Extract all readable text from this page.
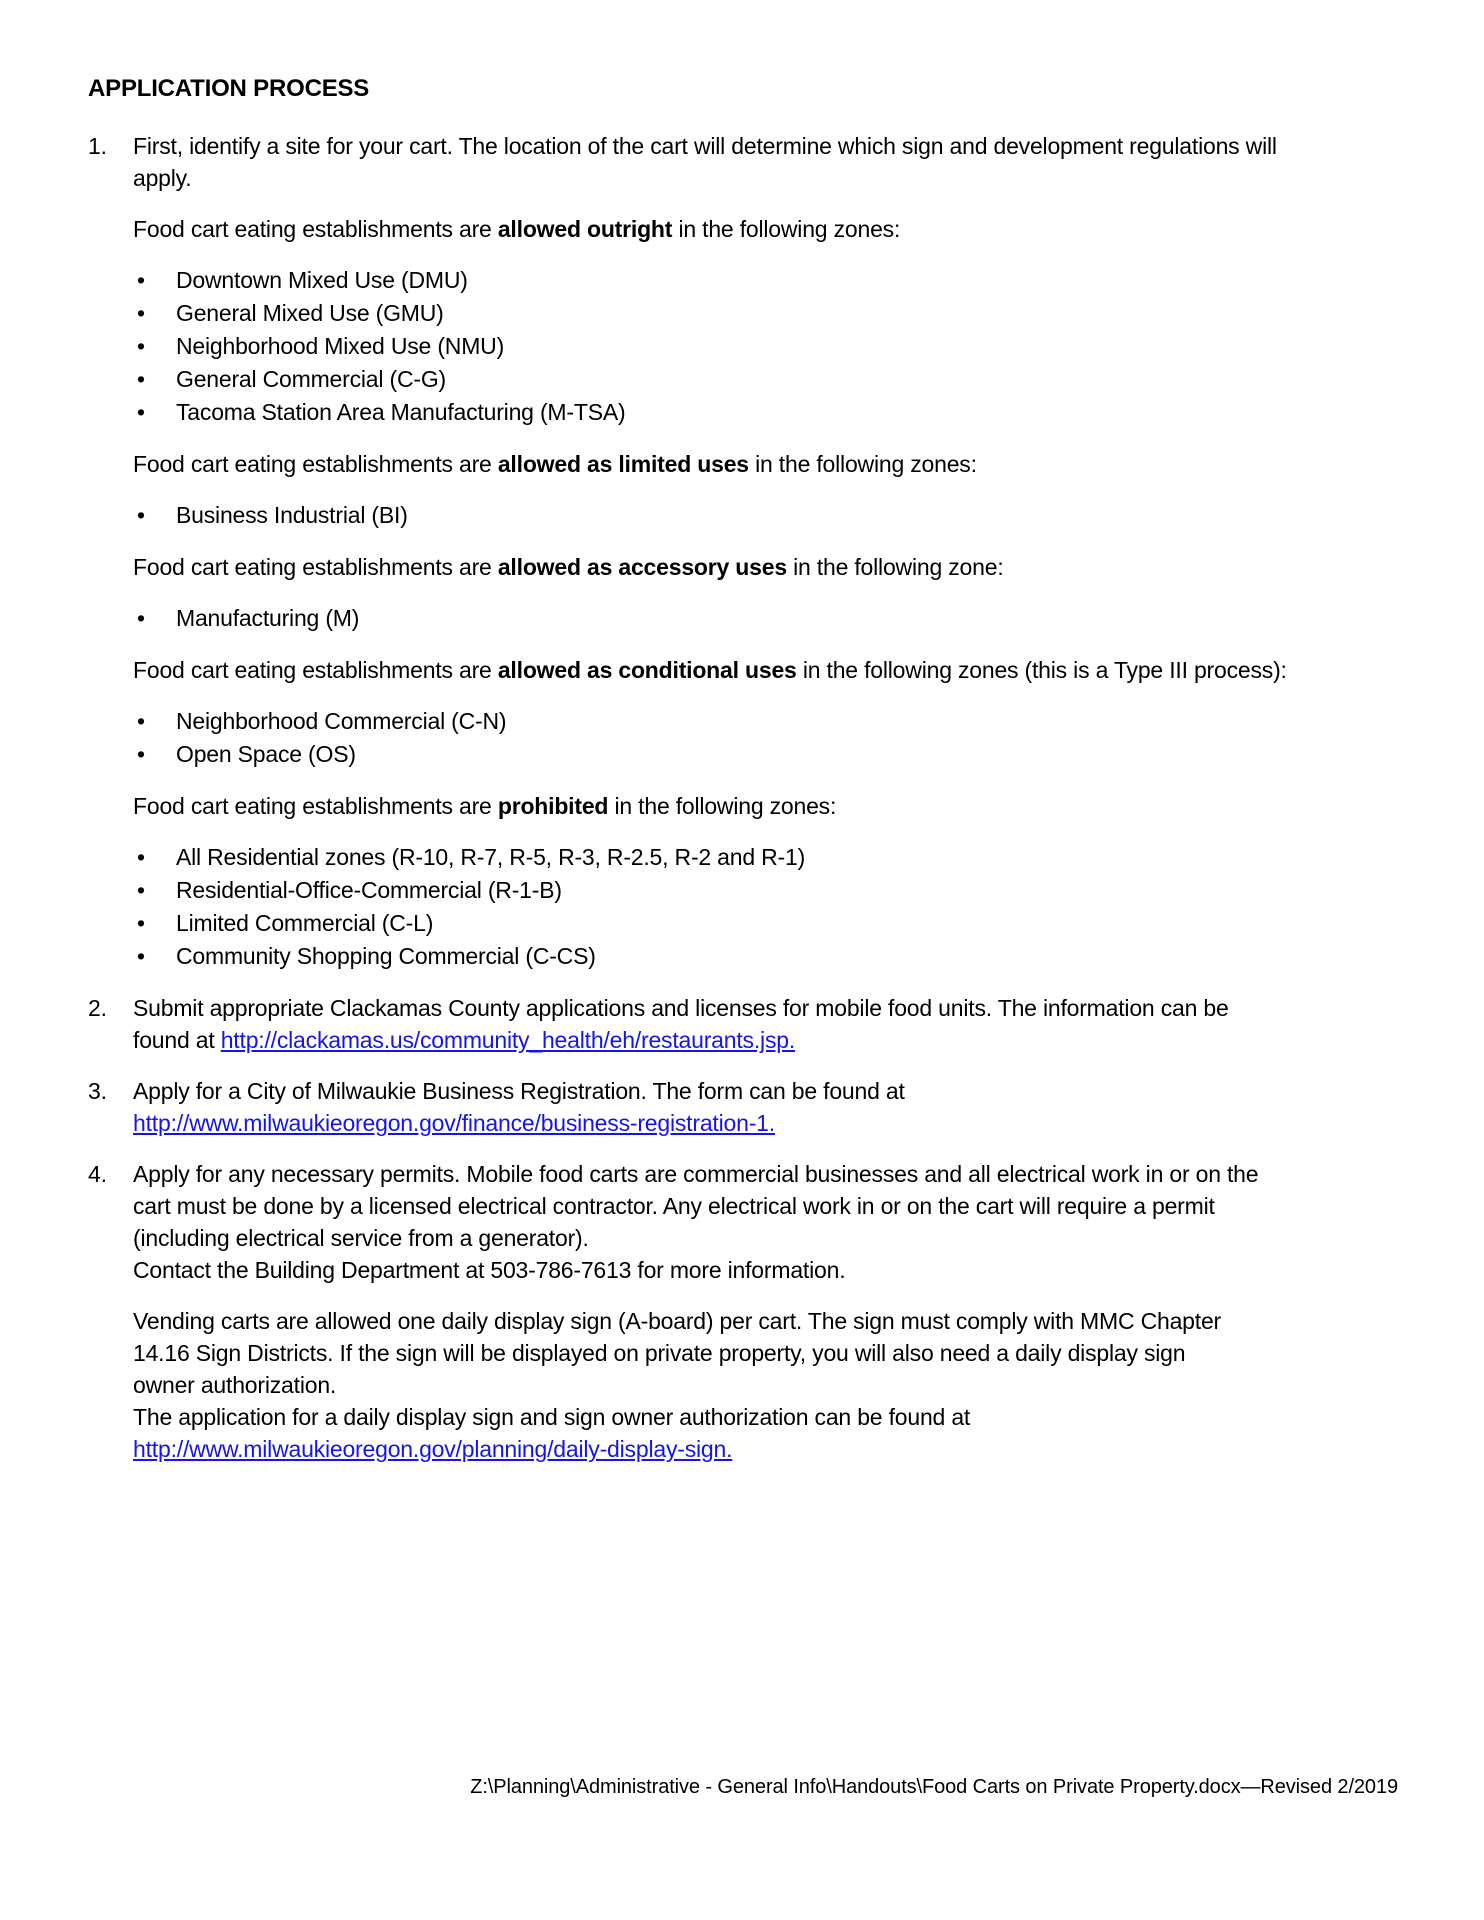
APPLICATION PROCESS
1.	First, identify a site for your cart. The location of the cart will determine which sign and development regulations will apply.

Food cart eating establishments are allowed outright in the following zones:

•	Downtown Mixed Use (DMU)
•	General Mixed Use (GMU)
•	Neighborhood Mixed Use (NMU)
•	General Commercial (C-G)
•	Tacoma Station Area Manufacturing (M-TSA)

Food cart eating establishments are allowed as limited uses in the following zones:

•	Business Industrial (BI)

Food cart eating establishments are allowed as accessory uses in the following zone:

•	Manufacturing (M)

Food cart eating establishments are allowed as conditional uses in the following zones (this is a Type III process):

•	Neighborhood Commercial (C-N)
•	Open Space (OS)

Food cart eating establishments are prohibited in the following zones:

•	All Residential zones (R-10, R-7, R-5, R-3, R-2.5, R-2 and R-1)
•	Residential-Office-Commercial (R-1-B)
•	Limited Commercial (C-L)
•	Community Shopping Commercial (C-CS)
2.	Submit appropriate Clackamas County applications and licenses for mobile food units. The information can be found at http://clackamas.us/community_health/eh/restaurants.jsp.

3.	Apply for a City of Milwaukie Business Registration. The form can be found at http://www.milwaukieoregon.gov/finance/business-registration-1.

4.	Apply for any necessary permits. Mobile food carts are commercial businesses and all electrical work in or on the cart must be done by a licensed electrical contractor. Any electrical work in or on the cart will require a permit (including electrical service from a generator).
Contact the Building Department at 503-786-7613 for more information.

Vending carts are allowed one daily display sign (A-board) per cart. The sign must comply with MMC Chapter 14.16 Sign Districts. If the sign will be displayed on private property, you will also need a daily display sign owner authorization.
The application for a daily display sign and sign owner authorization can be found at http://www.milwaukieoregon.gov/planning/daily-display-sign.

Z:\Planning\Administrative - General Info\Handouts\Food Carts on Private Property.docx—Revised 2/2019
